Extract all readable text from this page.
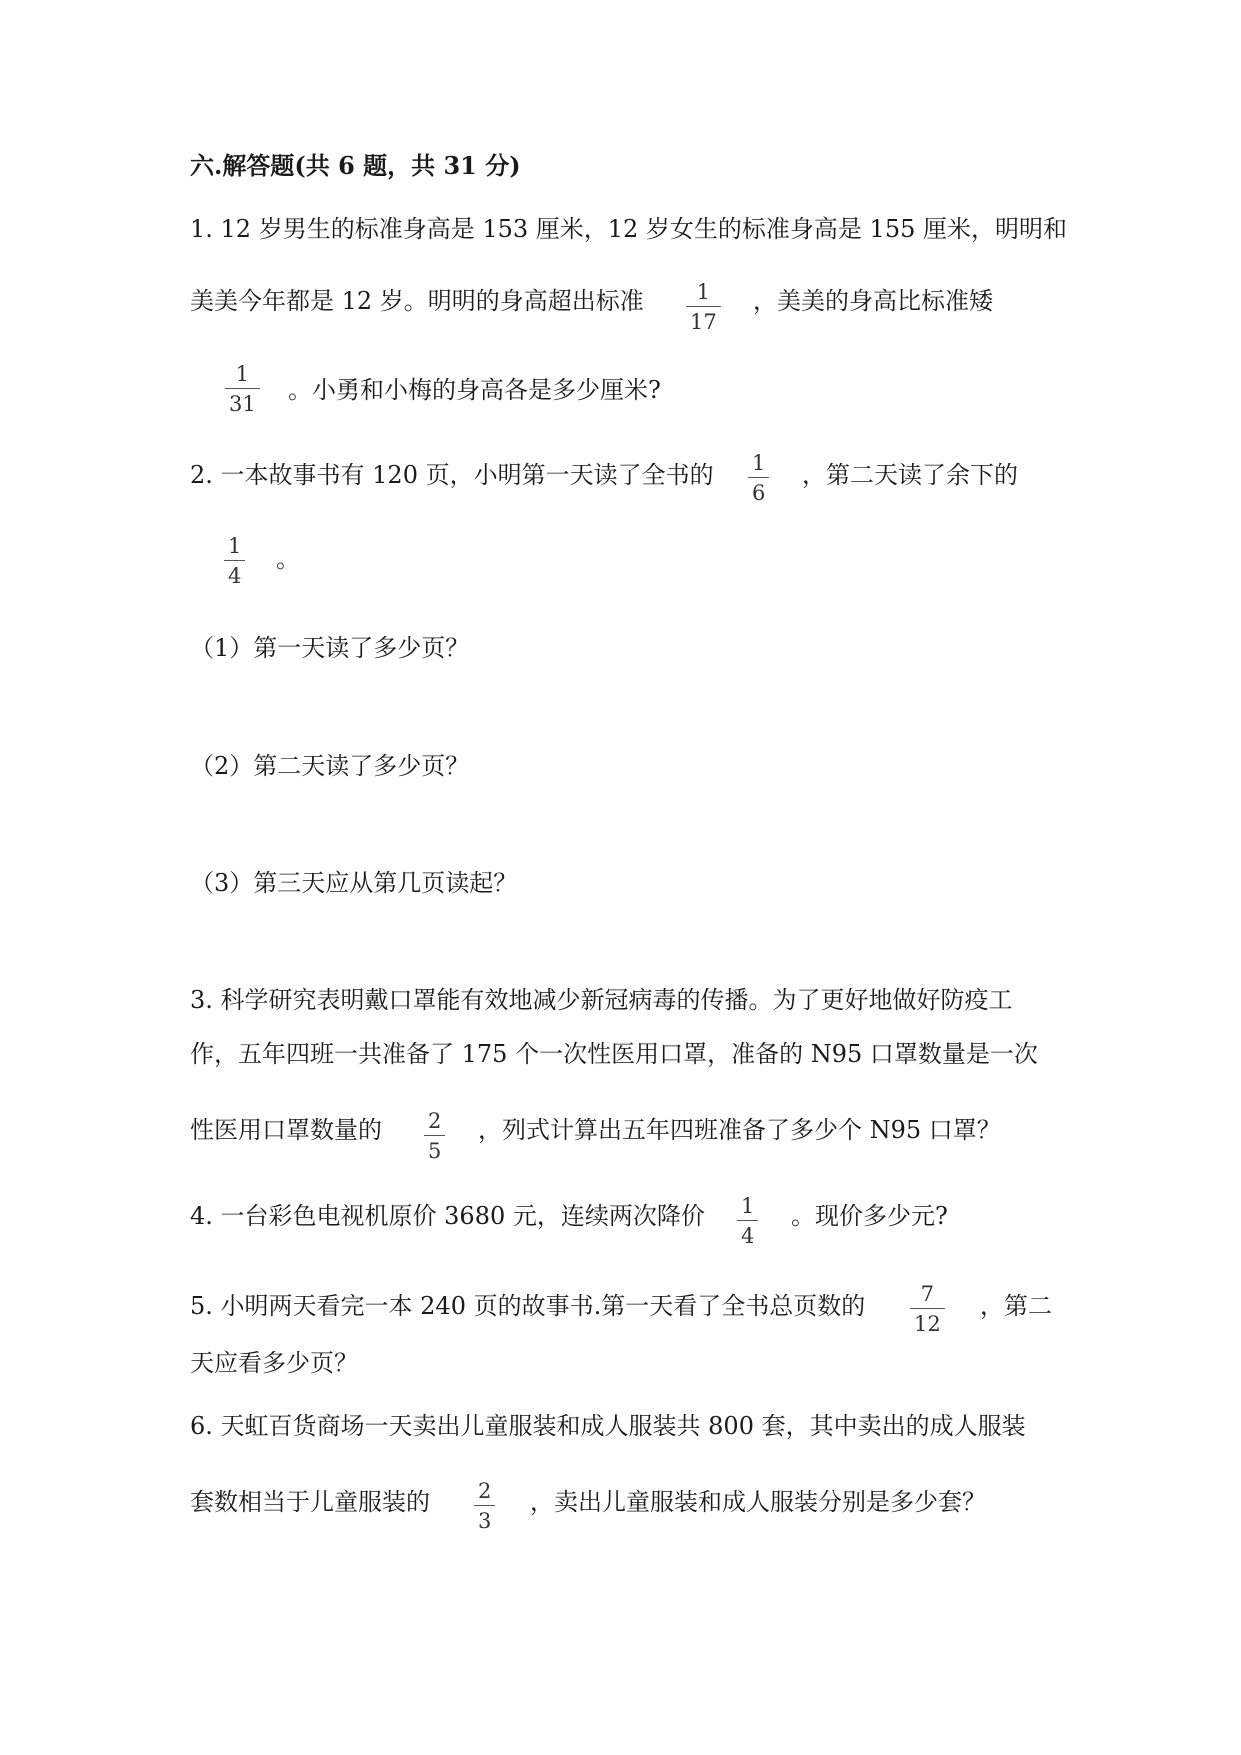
六.解答题(共 6 题，共 31 分)
1. 12 岁男生的标准身高是 153 厘米，12 岁女生的标准身高是 155 厘米，明明和
美美今年都是 12 岁。明明的身高超出标准	1
17
，美美的身高比标准矮
1
31 。小勇和小梅的身高各是多少厘米?
2. 一本故事书有 120 页，小明第一天读了全书的 1
6
，第二天读了余下的
1
4
。
（1）第一天读了多少页？
（2）第二天读了多少页？
（3）第三天应从第几页读起？
3. 科学研究表明戴口罩能有效地减少新冠病毒的传播。为了更好地做好防疫工
作，五年四班一共准备了 175 个一次性医用口罩，准备的 N95 口罩数量是一次
性医用口罩数量的 2
5
，列式计算出五年四班准备了多少个 N95 口罩？
4. 一台彩色电视机原价 3680 元，连续两次降价 1
4
。现价多少元?
5. 小明两天看完一本 240 页的故事书.第一天看了全书总页数的	7
12
，第二
天应看多少页？
6. 天虹百货商场一天卖出儿童服装和成人服装共 800 套，其中卖出的成人服装
套数相当于儿童服装的 2
3
，卖出儿童服装和成人服装分别是多少套？
